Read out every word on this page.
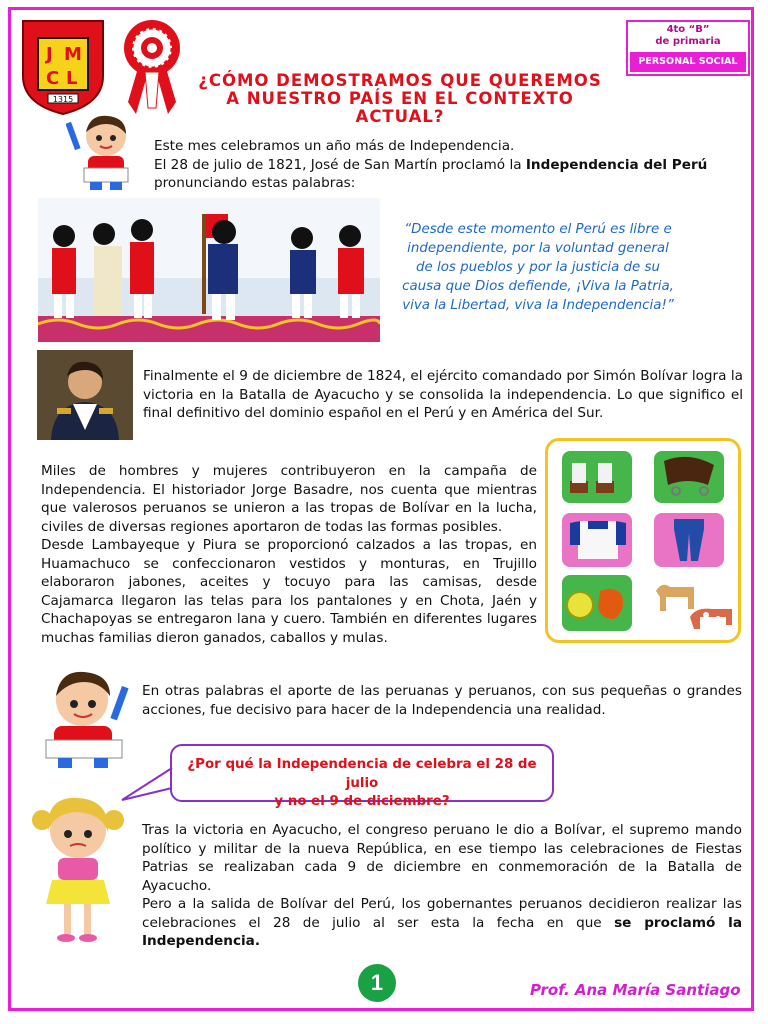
J M
C L
1315
¿CÓMO DEMOSTRAMOS QUE QUEREMOS
A NUESTRO PAÍS EN EL CONTEXTO
ACTUAL?
4to “B”
de primaria
PERSONAL SOCIAL

Este mes celebramos un año más de Independencia.

El 28 de julio de 1821, José de San Martín proclamó la Independencia del Perú

pronunciando estas palabras:

“Desde este momento el Perú es libre e independiente, por la voluntad general de los pueblos y por la justicia de su causa que Dios defiende, ¡Viva la Patria, viva la Libertad, viva la Independencia!”

Finalmente el 9 de diciembre de 1824, el ejército comandado por Simón Bolívar logra la victoria en la Batalla de Ayacucho y se consolida la independencia. Lo que significo el final definitivo del dominio español en el Perú y en América del Sur.

Miles de hombres y mujeres contribuyeron en la campaña de Independencia. El historiador Jorge Basadre, nos cuenta que mientras que valerosos peruanos se unieron a las tropas de Bolívar en la lucha, civiles de diversas regiones aportaron de todas las formas posibles.

Desde Lambayeque y Piura se proporcionó calzados a las tropas, en Huamachuco se confeccionaron vestidos y monturas, en Trujillo elaboraron jabones, aceites y tocuyo para las camisas, desde Cajamarca llegaron las telas para los pantalones y en Chota, Jaén y Chachapoyas se entregaron lana y cuero. También en diferentes lugares muchas familias dieron ganados, caballos y mulas.

En otras palabras el aporte de las peruanas y peruanos, con sus pequeñas o grandes acciones, fue decisivo para hacer de la Independencia una realidad.

¿Por qué la Independencia de celebra el 28 de julio
y no el 9 de diciembre?

Tras la victoria en Ayacucho, el congreso peruano le dio a Bolívar, el supremo mando político y militar de la nueva República, en ese tiempo las celebraciones de Fiestas Patrias se realizaban cada 9 de diciembre en conmemoración de la Batalla de Ayacucho.

Pero a la salida de Bolívar del Perú, los gobernantes peruanos decidieron realizar las celebraciones el 28 de julio al ser esta la fecha en que se proclamó la Independencia.

1	Prof. Ana María Santiago
